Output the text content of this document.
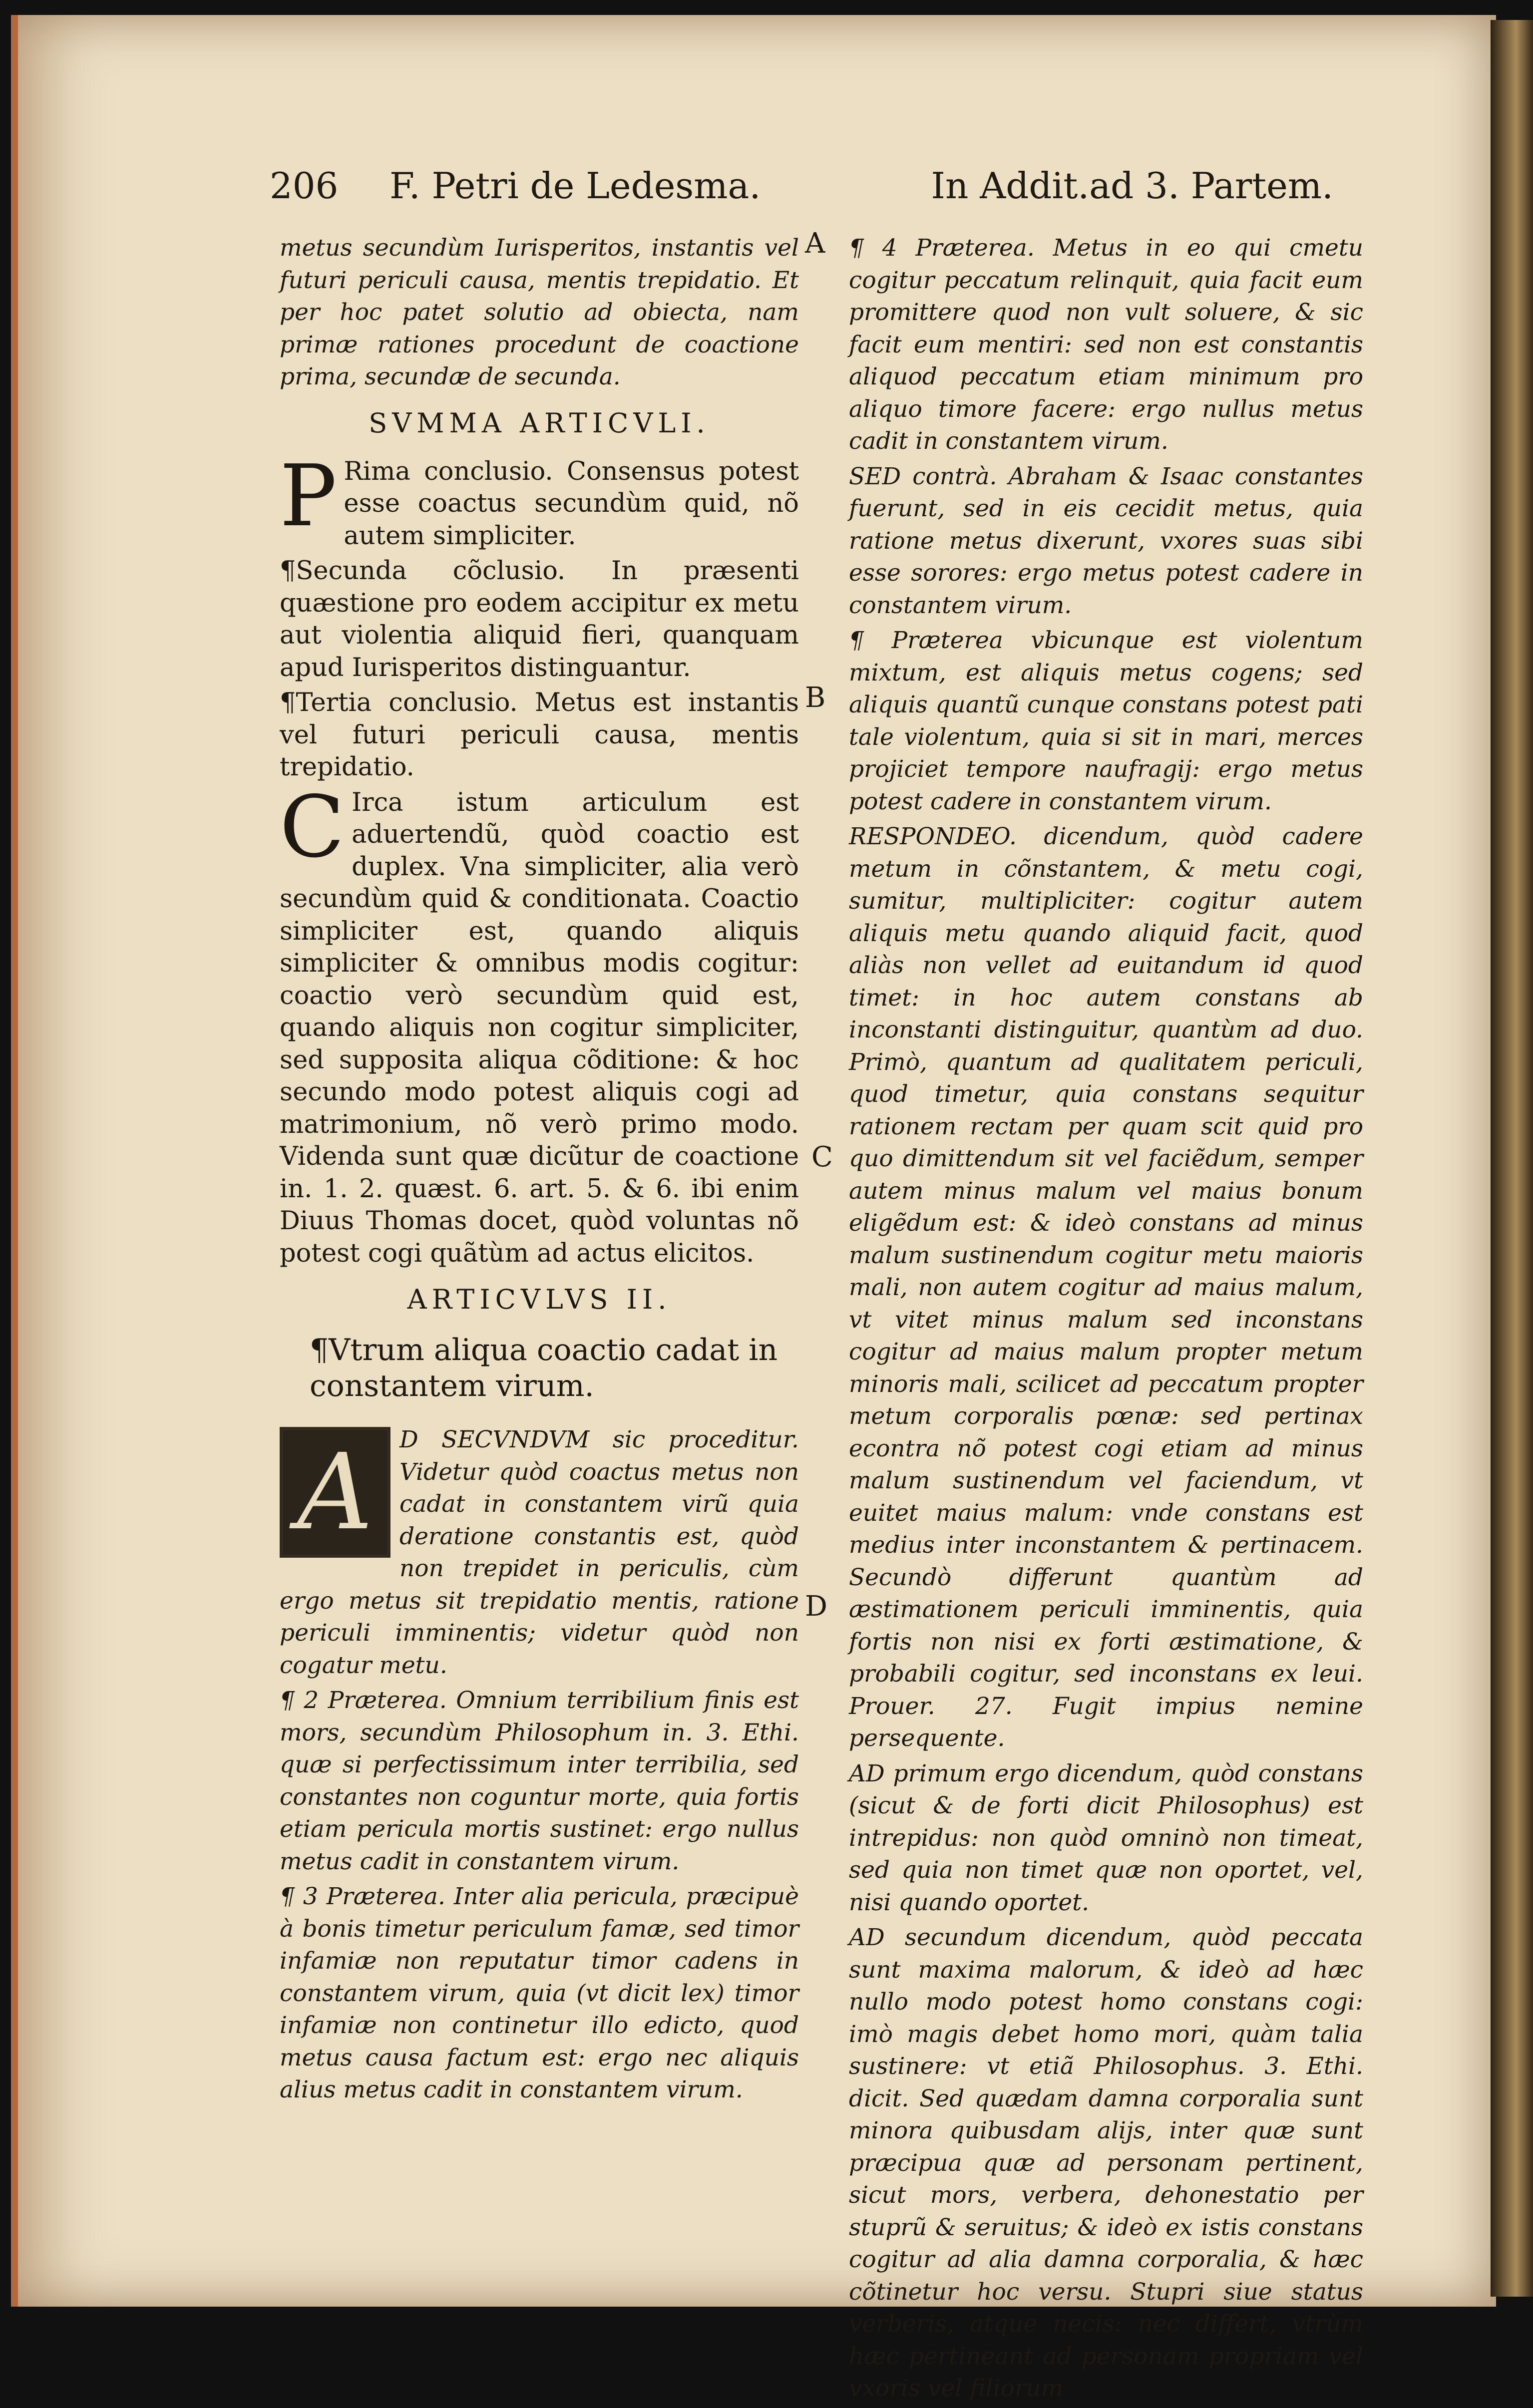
206 F. Petri de Ledesma.	In Addit.ad 3. Partem.
A
B
C
D

metus secundùm Iurisperitos, instantis vel futuri periculi causa, mentis trepidatio. Et per hoc patet solutio ad obiecta, nam primæ rationes procedunt de coactione prima, secundæ de secunda.

SVMMA ARTICVLI.

P Rima conclusio. Consensus potest esse coactus secundùm quid, nõ autem simpliciter.

¶Secunda cõclusio. In præsenti quæstione pro eodem accipitur ex metu aut violentia aliquid fieri, quanquam apud Iurisperitos distinguantur.

¶Tertia conclusio. Metus est instantis vel futuri periculi causa, mentis trepidatio.

C Irca istum articulum est aduertendũ, quòd coactio est duplex. Vna simpliciter, alia verò secundùm quid & conditionata. Coactio simpliciter est, quando aliquis simpliciter & omnibus modis cogitur: coactio verò secundùm quid est, quando aliquis non cogitur simpliciter, sed supposita aliqua cõditione: & hoc secundo modo potest aliquis cogi ad matrimonium, nõ verò primo modo. Videnda sunt quæ dicũtur de coactione in. 1. 2. quæst. 6. art. 5. & 6. ibi enim Diuus Thomas docet, quòd voluntas nõ potest cogi quãtùm ad actus elicitos.

ARTICVLVS II.
¶Vtrum aliqua coactio cadat in constantem virum.

A	D SECVNDVM sic proceditur. Videtur quòd coactus metus non cadat in constantem virũ quia deratione constantis est, quòd non trepidet in periculis, cùm ergo metus sit trepidatio mentis, ratione periculi imminentis; videtur quòd non cogatur metu.

¶ 2 Præterea. Omnium terribilium finis est mors, secundùm Philosophum in. 3. Ethi. quæ si perfectissimum inter terribilia, sed constantes non coguntur morte, quia fortis etiam pericula mortis sustinet: ergo nullus metus cadit in constantem virum.

¶ 3 Præterea. Inter alia pericula, præcipuè à bonis timetur periculum famæ, sed timor infamiæ non reputatur timor cadens in constantem virum, quia (vt dicit lex) timor infamiæ non continetur illo edicto, quod metus causa factum est: ergo nec aliquis alius metus cadit in constantem virum.

¶ 4 Præterea. Metus in eo qui cmetu cogitur peccatum relinquit, quia facit eum promittere quod non vult soluere, & sic facit eum mentiri: sed non est constantis aliquod peccatum etiam minimum pro aliquo timore facere: ergo nullus metus cadit in constantem virum.

SED contrà. Abraham & Isaac constantes fuerunt, sed in eis cecidit metus, quia ratione metus dixerunt, vxores suas sibi esse sorores: ergo metus potest cadere in constantem virum.

¶ Præterea vbicunque est violentum mixtum, est aliquis metus cogens; sed aliquis quantũ cunque constans potest pati tale violentum, quia si sit in mari, merces projiciet tempore naufragij: ergo metus potest cadere in constantem virum.

RESPONDEO. dicendum, quòd cadere metum in cõnstantem, & metu cogi, sumitur, multipliciter: cogitur autem aliquis metu quando aliquid facit, quod aliàs non vellet ad euitandum id quod timet: in hoc autem constans ab inconstanti distinguitur, quantùm ad duo. Primò, quantum ad qualitatem periculi, quod timetur, quia constans sequitur rationem rectam per quam scit quid pro quo dimittendum sit vel faciẽdum, semper autem minus malum vel maius bonum eligẽdum est: & ideò constans ad minus malum sustinendum cogitur metu maioris mali, non autem cogitur ad maius malum, vt vitet minus malum sed inconstans cogitur ad maius malum propter metum minoris mali, scilicet ad peccatum propter metum corporalis pœnæ: sed pertinax econtra nõ potest cogi etiam ad minus malum sustinendum vel faciendum, vt euitet maius malum: vnde constans est medius inter inconstantem & pertinacem. Secundò differunt quantùm ad æstimationem periculi imminentis, quia fortis non nisi ex forti æstimatione, & probabili cogitur, sed inconstans ex leui. Prouer. 27. Fugit impius nemine persequente.

AD primum ergo dicendum, quòd constans (sicut & de forti dicit Philosophus) est intrepidus: non quòd omninò non timeat, sed quia non timet quæ non oportet, vel, nisi quando oportet.

AD secundum dicendum, quòd peccata sunt maxima malorum, & ideò ad hæc nullo modo potest homo constans cogi: imò magis debet homo mori, quàm talia sustinere: vt etiã Philosophus. 3. Ethi. dicit. Sed quædam damna corporalia sunt minora quibusdam alijs, inter quæ sunt præcipua quæ ad personam pertinent, sicut mors, verbera, dehonestatio per stuprũ & seruitus; & ideò ex istis constans cogitur ad alia damna corporalia, & hæc cõtinetur hoc versu. Stupri siue status verberis, atque necis: nec differt, vtrùm hæc pertineant ad personam propriam vel vxoris vel filiorum
